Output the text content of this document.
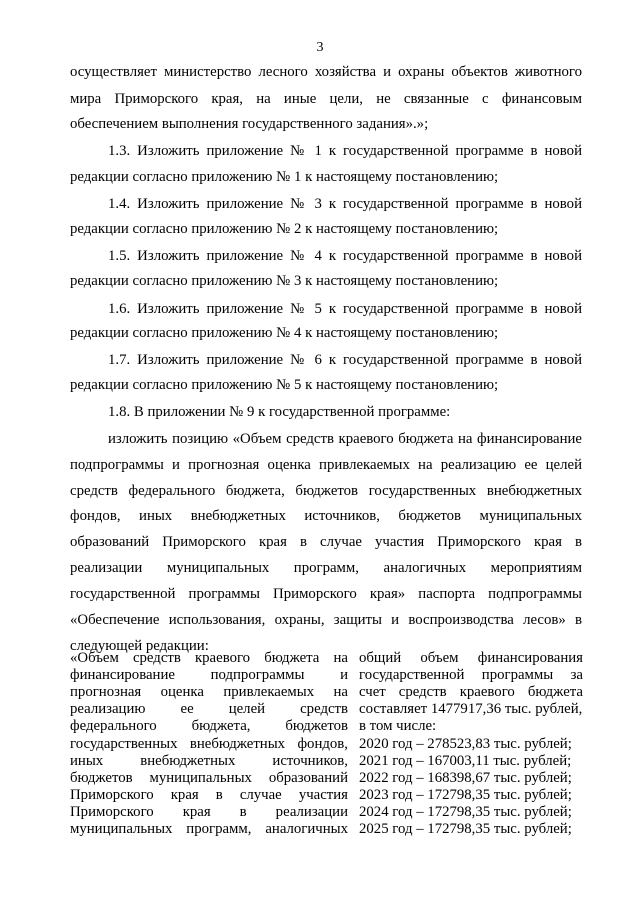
3
осуществляет министерство лесного хозяйства и охраны объектов животного
мира Приморского края, на иные цели, не связанные с финансовым
обеспечением выполнения государственного задания».»;
1.3. Изложить приложение № 1 к государственной программе в новой
редакции согласно приложению № 1 к настоящему постановлению;
1.4. Изложить приложение № 3 к государственной программе в новой
редакции согласно приложению № 2 к настоящему постановлению;
1.5. Изложить приложение № 4 к государственной программе в новой
редакции согласно приложению № 3 к настоящему постановлению;
1.6. Изложить приложение № 5 к государственной программе в новой
редакции согласно приложению № 4 к настоящему постановлению;
1.7. Изложить приложение № 6 к государственной программе в новой
редакции согласно приложению № 5 к настоящему постановлению;
1.8. В приложении № 9 к государственной программе:
изложить позицию «Объем средств краевого бюджета на финансирование
подпрограммы и прогнозная оценка привлекаемых на реализацию ее целей
средств федерального бюджета, бюджетов государственных внебюджетных
фондов, иных внебюджетных источников, бюджетов муниципальных
образований Приморского края в случае участия Приморского края в
реализации муниципальных программ, аналогичных мероприятиям
государственной программы Приморского края» паспорта подпрограммы
«Обеспечение использования, охраны, защиты и воспроизводства лесов» в
следующей редакции:
«Объем средств краевого бюджета на
финансирование подпрограммы и
прогнозная оценка привлекаемых на
реализацию ее целей средств
федерального бюджета, бюджетов
государственных внебюджетных фондов,
иных внебюджетных источников,
бюджетов муниципальных образований
Приморского края в случае участия
Приморского края в реализации
муниципальных программ, аналогичных
общий объем финансирования
государственной программы за
счет средств краевого бюджета
составляет 1477917,36 тыс. рублей,
в том числе:
2020 год – 278523,83 тыс. рублей;
2021 год – 167003,11 тыс. рублей;
2022 год – 168398,67 тыс. рублей;
2023 год – 172798,35 тыс. рублей;
2024 год – 172798,35 тыс. рублей;
2025 год – 172798,35 тыс. рублей;
